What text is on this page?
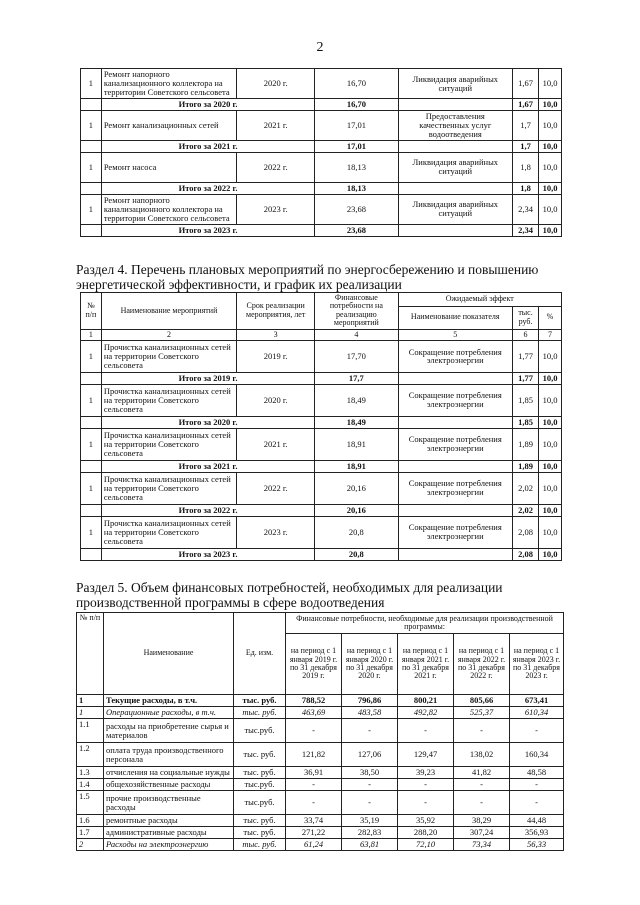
2
1	Ремонт напорного канализационного коллектора на территории Советского сельсовета	2020 г.	16,70	Ликвидация аварийных ситуаций	1,67	10,0
	Итого за 2020 г.		16,70		1,67	10,0
1	Ремонт канализационных сетей	2021 г.	17,01	Предоставления качественных услуг водоотведения	1,7	10,0
	Итого за 2021 г.		17,01		1,7	10,0
1	Ремонт насоса	2022 г.	18,13	Ликвидация аварийных ситуаций	1,8	10,0
	Итого за 2022 г.		18,13		1,8	10,0
1	Ремонт напорного канализационного коллектора на территории Советского сельсовета	2023 г.	23,68	Ликвидация аварийных ситуаций	2,34	10,0
	Итого за 2023 г.		23,68		2,34	10,0
Раздел 4. Перечень плановых мероприятий по энергосбережению и повышению энергетической эффективности, и график их реализации
№ п/п	Наименование мероприятий	Срок реализации мероприятия, лет	Финансовые потребности на реализацию мероприятий	Ожидаемый эффект		
				Наименование показателя	тыс. руб.	%
1	2	3	4	5	6	7
1	Прочистка канализационных сетей на территории Советского сельсовета	2019 г.	17,70	Сокращение потребления электроэнергии	1,77	10,0
	Итого за 2019 г.		17,7		1,77	10,0
1	Прочистка канализационных сетей на территории Советского сельсовета	2020 г.	18,49	Сокращение потребления электроэнергии	1,85	10,0
	Итого за 2020 г.		18,49		1,85	10,0
1	Прочистка канализационных сетей на территории Советского сельсовета	2021 г.	18,91	Сокращение потребления электроэнергии	1,89	10,0
	Итого за 2021 г.		18,91		1,89	10,0
1	Прочистка канализационных сетей на территории Советского сельсовета	2022 г.	20,16	Сокращение потребления электроэнергии	2,02	10,0
	Итого за 2022 г.		20,16		2,02	10,0
1	Прочистка канализационных сетей на территории Советского сельсовета	2023 г.	20,8	Сокращение потребления электроэнергии	2,08	10,0
	Итого за 2023 г.		20,8		2,08	10,0
Раздел 5. Объем финансовых потребностей, необходимых для реализации производственной программы в сфере водоотведения
№ п/п	Наименование	Ед. изм.	Финансовые потребности, необходимые для реализации производственной программы:				
			на период с 1 января 2019 г. по 31 декабря 2019 г.	на период с 1 января 2020 г. по 31 декабря 2020 г.	на период с 1 января 2021 г. по 31 декабря 2021 г.	на период с 1 января 2022 г. по 31 декабря 2022 г.	на период с 1 января 2023 г. по 31 декабря 2023 г.
1	Текущие расходы, в т.ч.	тыс. руб.	788,52	796,86	800,21	805,66	673,41
1	Операционные расходы, в т.ч.	тыс. руб.	463,69	483,58	492,82	525,37	610,34
1.1	расходы на приобретение сырья и материалов	тыс.руб.	-	-	-	-	-
1.2	оплата труда производственного персонала	тыс. руб.	121,82	127,06	129,47	138,02	160,34
1.3	отчисления на социальные нужды	тыс. руб.	36,91	38,50	39,23	41,82	48,58
1.4	общехозяйственные расходы	тыс.руб.	-	-	-	-	-
1.5	прочие производственные расходы	тыс.руб.	-	-	-	-	-
1.6	ремонтные расходы	тыс. руб.	33,74	35,19	35,92	38,29	44,48
1.7	административные расходы	тыс. руб.	271,22	282,83	288,20	307,24	356,93
2	Расходы на электроэнергию	тыс. руб.	61,24	63,81	72,10	73,34	56,33
